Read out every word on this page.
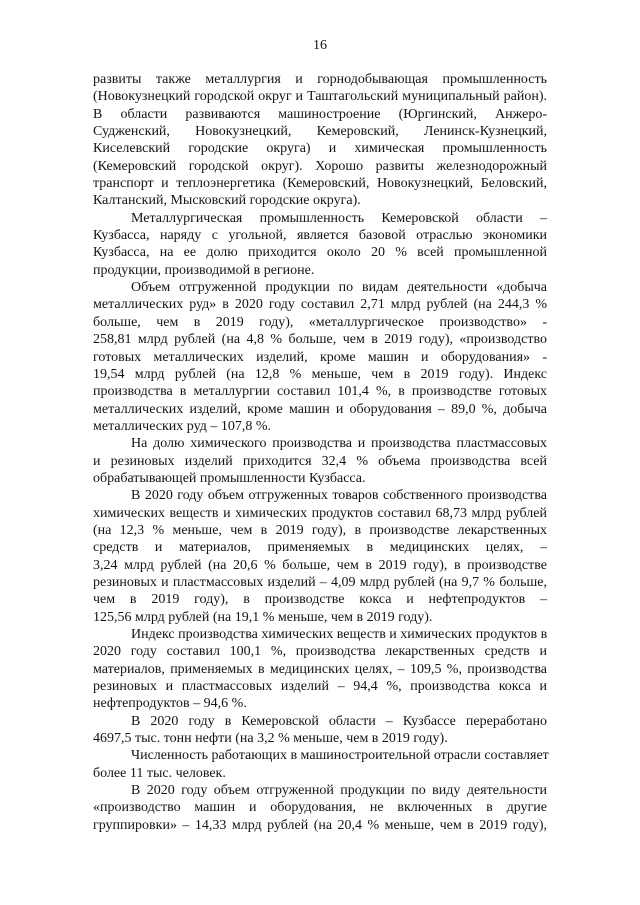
16
развиты также металлургия и горнодобывающая промышленность
(Новокузнецкий городской округ и Таштагольский муниципальный район).
В области развиваются машиностроение (Юргинский, Анжеро-
Судженский, Новокузнецкий, Кемеровский, Ленинск-Кузнецкий,
Киселевский городские округа) и химическая промышленность
(Кемеровский городской округ). Хорошо развиты железнодорожный
транспорт и теплоэнергетика (Кемеровский, Новокузнецкий, Беловский,
Калтанский, Мысковский городские округа).
Металлургическая промышленность Кемеровской области –
Кузбасса, наряду с угольной, является базовой отраслью экономики
Кузбасса, на ее долю приходится около 20 % всей промышленной
продукции, производимой в регионе.
Объем отгруженной продукции по видам деятельности «добыча
металлических руд» в 2020 году составил 2,71 млрд рублей (на 244,3 %
больше, чем в 2019 году), «металлургическое производство» -
258,81 млрд рублей (на 4,8 % больше, чем в 2019 году), «производство
готовых металлических изделий, кроме машин и оборудования» -
19,54 млрд рублей (на 12,8 % меньше, чем в 2019 году). Индекс
производства в металлургии составил 101,4 %, в производстве готовых
металлических изделий, кроме машин и оборудования – 89,0 %, добыча
металлических руд – 107,8 %.
На долю химического производства и производства пластмассовых
и резиновых изделий приходится 32,4 % объема производства всей
обрабатывающей промышленности Кузбасса.
В 2020 году объем отгруженных товаров собственного производства
химических веществ и химических продуктов составил 68,73 млрд рублей
(на 12,3 % меньше, чем в 2019 году), в производстве лекарственных
средств и материалов, применяемых в медицинских целях, –
3,24 млрд рублей (на 20,6 % больше, чем в 2019 году), в производстве
резиновых и пластмассовых изделий – 4,09 млрд рублей (на 9,7 % больше,
чем в 2019 году), в производстве кокса и нефтепродуктов –
125,56 млрд рублей (на 19,1 % меньше, чем в 2019 году).
Индекс производства химических веществ и химических продуктов в
2020 году составил 100,1 %, производства лекарственных средств и
материалов, применяемых в медицинских целях, – 109,5 %, производства
резиновых и пластмассовых изделий – 94,4 %, производства кокса и
нефтепродуктов – 94,6 %.
В 2020 году в Кемеровской области – Кузбассе переработано
4697,5 тыс. тонн нефти (на 3,2 % меньше, чем в 2019 году).
Численность работающих в машиностроительной отрасли составляет
более 11 тыс. человек.
В 2020 году объем отгруженной продукции по виду деятельности
«производство машин и оборудования, не включенных в другие
группировки» – 14,33 млрд рублей (на 20,4 % меньше, чем в 2019 году),
